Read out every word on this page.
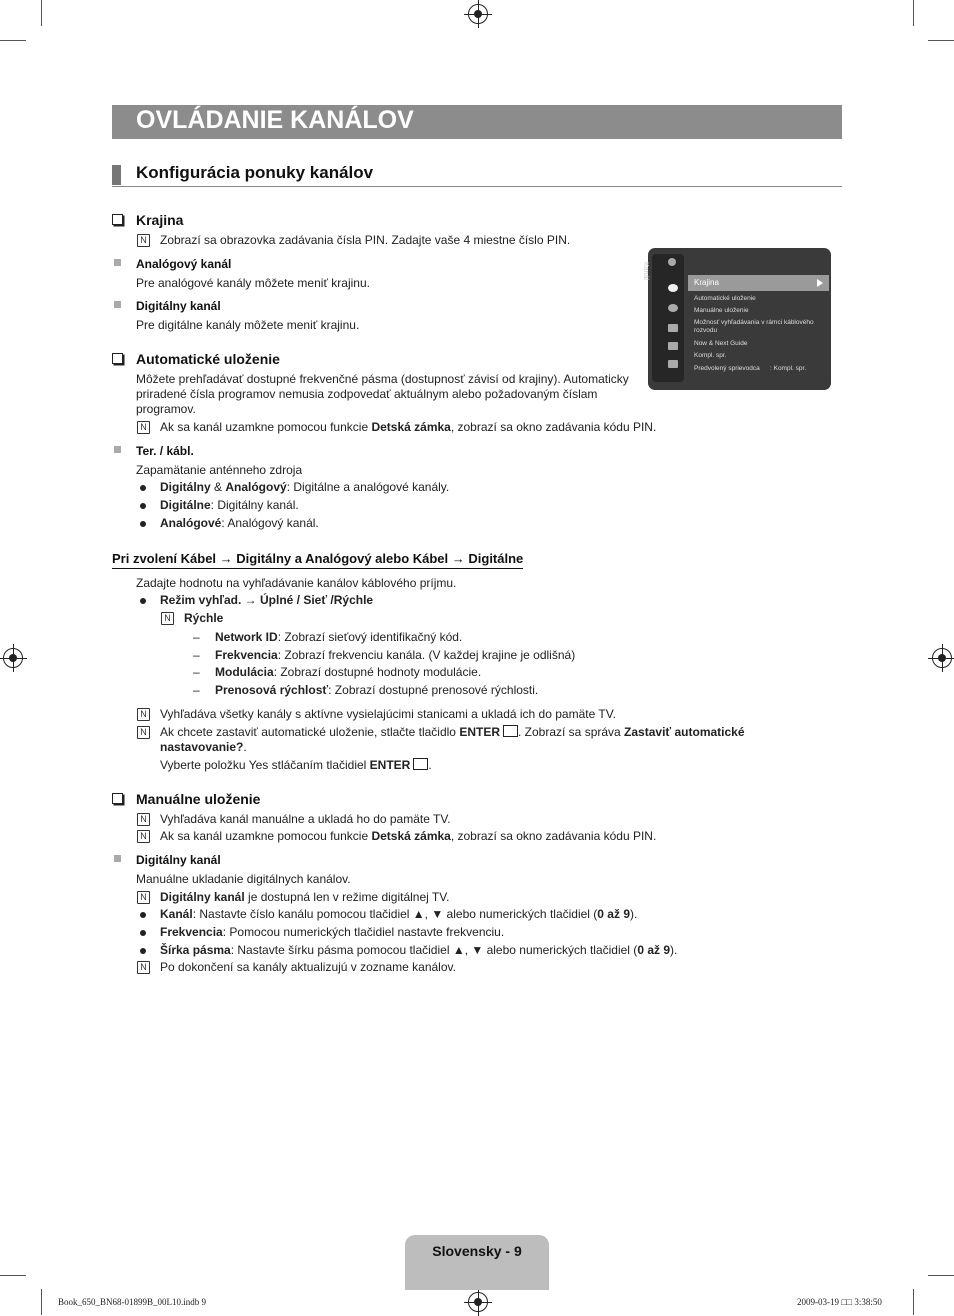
OVLÁDANIE KANÁLOV
Konfigurácia ponuky kanálov
Krajina
N Zobrazí sa obrazovka zadávania čísla PIN. Zadajte vaše 4 miestne číslo PIN.
Analógový kanál
Pre analógové kanály môžete meniť krajinu.
Digitálny kanál
Pre digitálne kanály môžete meniť krajinu.
Kanál
Krajina
Automatické uloženie
Manuálne uloženie
Možnosť vyhľadávania v rámci káblového
rozvodu
Now & Next Guide
Kompl. spr.
Predvolený sprievodca : Kompl. spr.
Automatické uloženie
Môžete prehľadávať dostupné frekvenčné pásma (dostupnosť závisí od krajiny). Automaticky
priradené čísla programov nemusia zodpovedať aktuálnym alebo požadovaným číslam
programov.
N Ak sa kanál uzamkne pomocou funkcie Detská zámka, zobrazí sa okno zadávania kódu PIN.
Ter. / kábl.
Zapamätanie anténneho zdroja
Digitálny & Analógový: Digitálne a analógové kanály.
Digitálne: Digitálny kanál.
Analógové: Analógový kanál.
Pri zvolení Kábel → Digitálny a Analógový alebo Kábel → Digitálne
Zadajte hodnotu na vyhľadávanie kanálov káblového príjmu.
Režim vyhľad. → Úplné / Sieť /Rýchle
N Rýchle
– Network ID: Zobrazí sieťový identifikačný kód.
– Frekvencia: Zobrazí frekvenciu kanála. (V každej krajine je odlišná)
– Modulácia: Zobrazí dostupné hodnoty modulácie.
– Prenosová rýchlosť: Zobrazí dostupné prenosové rýchlosti.
N Vyhľadáva všetky kanály s aktívne vysielajúcimi stanicami a ukladá ich do pamäte TV.
N Ak chcete zastaviť automatické uloženie, stlačte tlačidlo ENTER . Zobrazí sa správa Zastaviť automatické
nastavovanie?.
Vyberte položku Yes stláčaním tlačidiel ENTER .
Manuálne uloženie
N Vyhľadáva kanál manuálne a ukladá ho do pamäte TV.
N Ak sa kanál uzamkne pomocou funkcie Detská zámka, zobrazí sa okno zadávania kódu PIN.
Digitálny kanál
Manuálne ukladanie digitálnych kanálov.
N Digitálny kanál je dostupná len v režime digitálnej TV.
Kanál: Nastavte číslo kanálu pomocou tlačidiel ▲, ▼ alebo numerických tlačidiel (0 až 9).
Frekvencia: Pomocou numerických tlačidiel nastavte frekvenciu.
Šírka pásma: Nastavte šírku pásma pomocou tlačidiel ▲, ▼ alebo numerických tlačidiel (0 až 9).
N Po dokončení sa kanály aktualizujú v zozname kanálov.
Slovensky - 9
Book_650_BN68-01899B_00L10.indb 9	2009-03-19 □□ 3:38:50
